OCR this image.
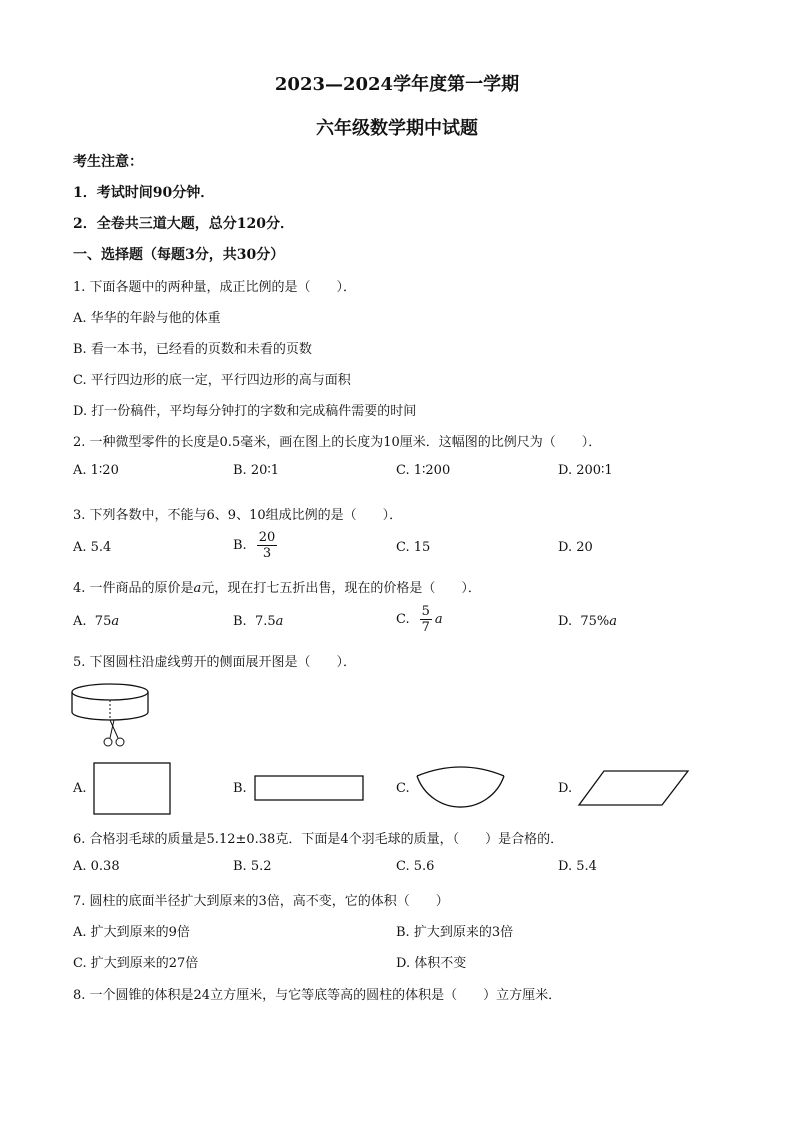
2023—2024学年度第一学期
六年级数学期中试题
考生注意：
1．考试时间90分钟．
2．全卷共三道大题，总分120分．
一、选择题（每题3分，共30分）
1. 下面各题中的两种量，成正比例的是（　　）．
A. 华华的年龄与他的体重
B. 看一本书，已经看的页数和未看的页数
C. 平行四边形的底一定，平行四边形的高与面积
D. 打一份稿件，平均每分钟打的字数和完成稿件需要的时间
2. 一种微型零件的长度是0.5毫米，画在图上的长度为10厘米．这幅图的比例尺为（　　）．
A. 1∶20	B. 20∶1	C. 1∶200	D. 200∶1
3. 下列各数中，不能与6、9、10组成比例的是（　　）．
A. 5.4	B. $\frac{20}{3}$	C. 15	D. 20
4. 一件商品的原价是a元，现在打七五折出售，现在的价格是（　　）．
A. 75a	B. 7.5a	C. $\frac{5}{7}$ a	D. 75%a
5. 下图圆柱沿虚线剪开的侧面展开图是（　　）．
A.	B.	C.	D.
6. 合格羽毛球的质量是5.12±0.38克．下面是4个羽毛球的质量，（　　）是合格的．
A. 0.38	B. 5.2	C. 5.6	D. 5.4
7. 圆柱的底面半径扩大到原来的3倍，高不变，它的体积（　　）
A. 扩大到原来的9倍	B. 扩大到原来的3倍
C. 扩大到原来的27倍	D. 体积不变
8. 一个圆锥的体积是24立方厘米，与它等底等高的圆柱的体积是（　　）立方厘米．
